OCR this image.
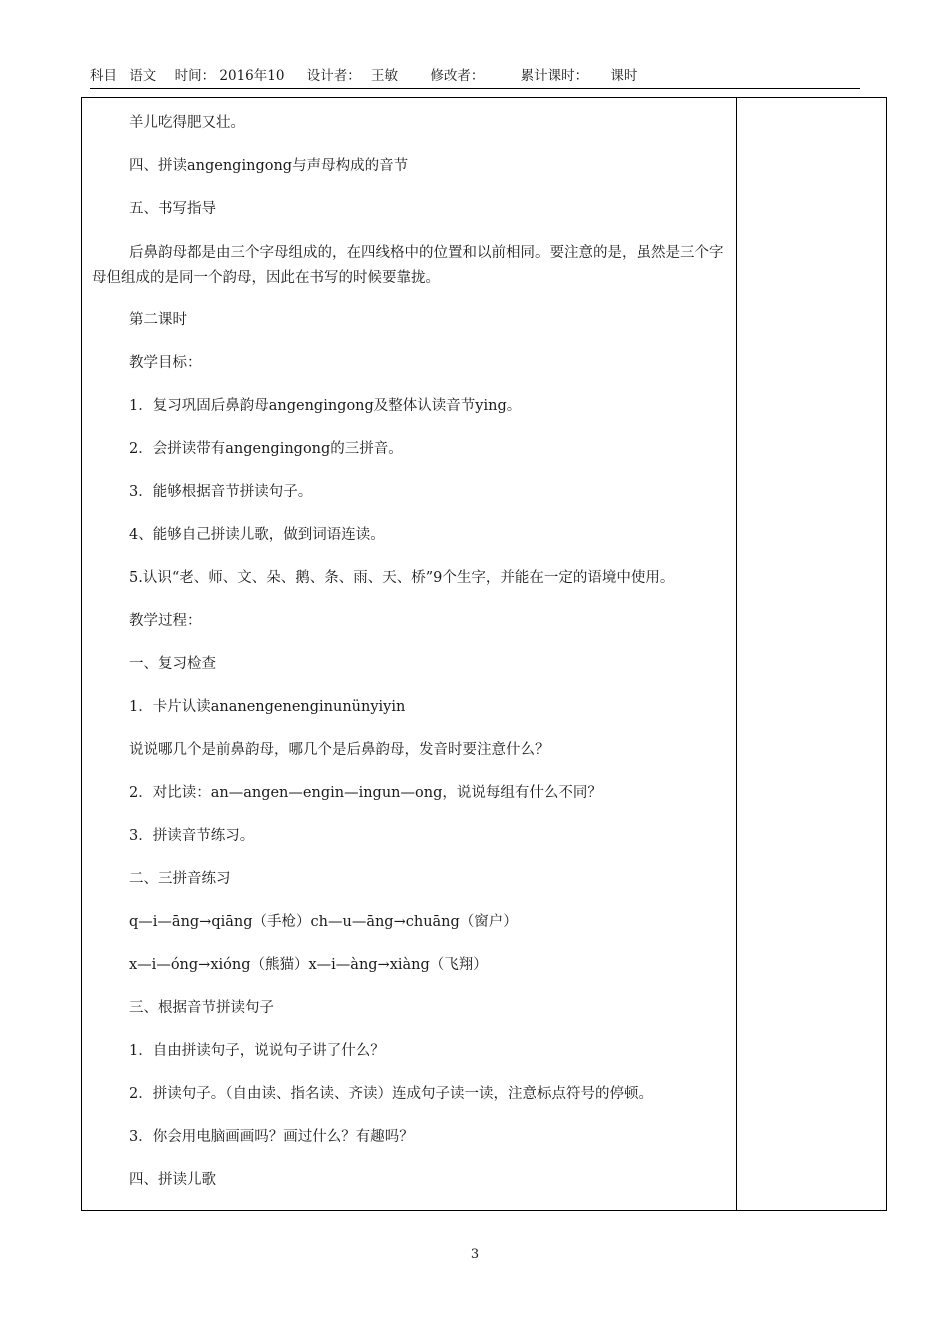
科目 语文 时间： 2016年10 设计者： 王敏 修改者：	累计课时： 课时

羊儿吃得肥又壮。

四、拼读angengingong与声母构成的音节

五、书写指导

后鼻韵母都是由三个字母组成的，在四线格中的位置和以前相同。要注意的是，虽然是三个字母但组成的是同一个韵母，因此在书写的时候要靠拢。

第二课时

教学目标：

1．复习巩固后鼻韵母angengingong及整体认读音节ying。

2．会拼读带有angengingong的三拼音。

3．能够根据音节拼读句子。

4、能够自己拼读儿歌，做到词语连读。

5.认识“老、师、文、朵、鹅、条、雨、天、桥”9个生字，并能在一定的语境中使用。

教学过程：

一、复习检查

1．卡片认读ananengenenginunünyiyin

说说哪几个是前鼻韵母，哪几个是后鼻韵母，发音时要注意什么？

2．对比读：an—angen—engin—ingun—ong，说说每组有什么不同？

3．拼读音节练习。

二、三拼音练习

q—i—āng→qiāng（手枪）ch—u—āng→chuāng（窗户）

x—i—óng→xióng（熊猫）x—i—àng→xiàng（飞翔）

三、根据音节拼读句子

1．自由拼读句子，说说句子讲了什么？

2．拼读句子。（自由读、指名读、齐读）连成句子读一读，注意标点符号的停顿。

3．你会用电脑画画吗？画过什么？有趣吗？

四、拼读儿歌

3
